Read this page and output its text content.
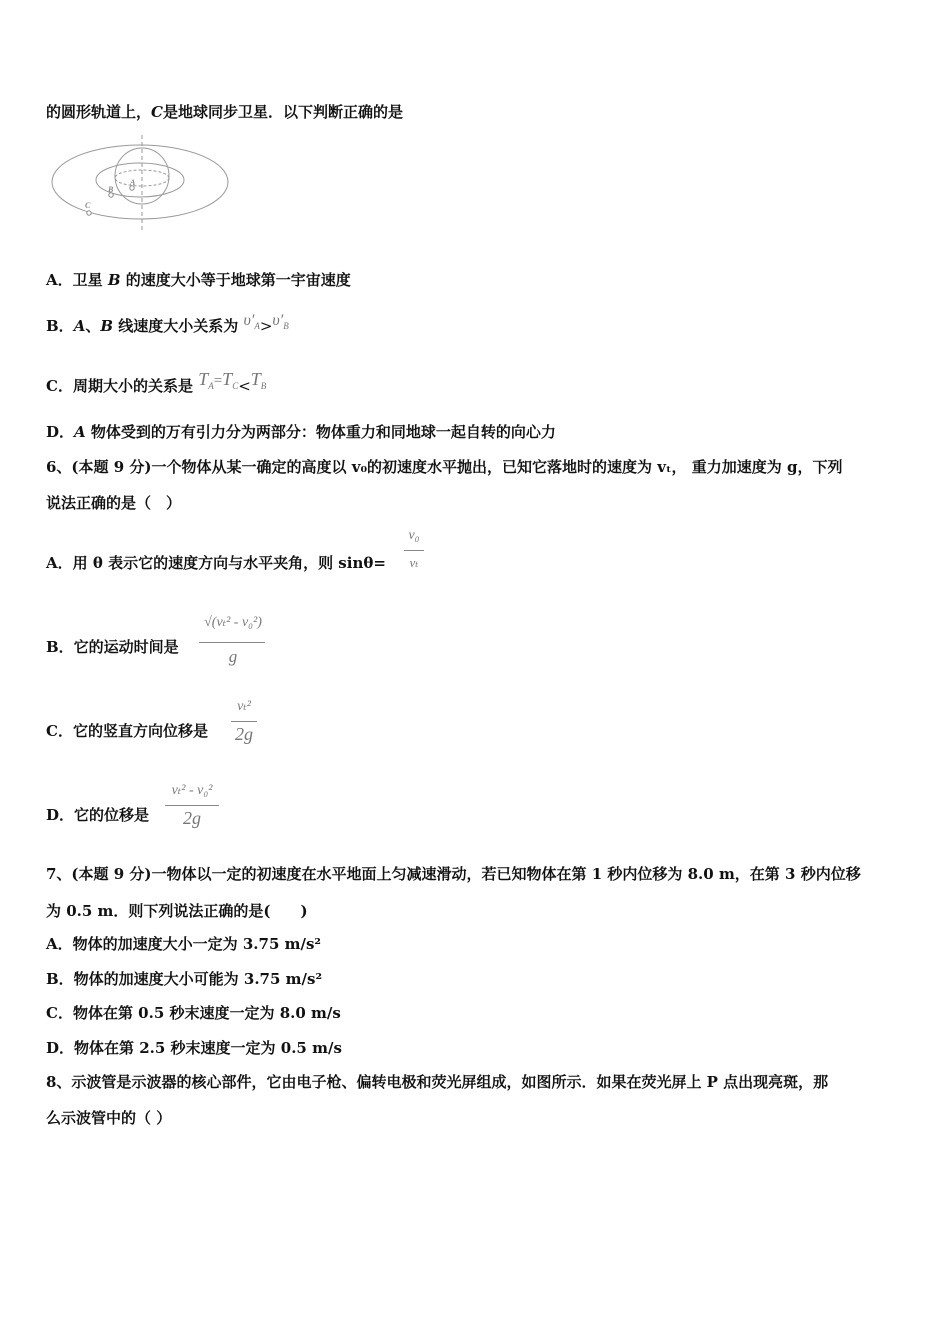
的圆形轨道上，C是地球同步卫星．以下判断正确的是
A
B
C
A．卫星 B 的速度大小等于地球第一宇宙速度
B．A、B 线速度大小关系为 $\upsilon'_A>\upsilon'_B$
C．周期大小的关系是 $T_A=T_C<T_B$
D．A 物体受到的万有引力分为两部分：物体重力和同地球一起自转的向心力
6、(本题 9 分)一个物体从某一确定的高度以 v₀的初速度水平抛出，已知它落地时的速度为 vₜ， 重力加速度为 g，下列
说法正确的是（　）
A．用 θ 表示它的速度方向与水平夹角，则 sinθ=
v₀
vₜ
B．它的运动时间是
√(vₜ² - v₀²)
g
C．它的竖直方向位移是
vₜ²
2g
D．它的位移是
vₜ² - v₀²
2g
7、(本题 9 分)一物体以一定的初速度在水平地面上匀减速滑动，若已知物体在第 1 秒内位移为 8.0 m，在第 3 秒内位移
为 0.5 m．则下列说法正确的是(　　)
A．物体的加速度大小一定为 3.75 m/s²
B．物体的加速度大小可能为 3.75 m/s²
C．物体在第 0.5 秒末速度一定为 8.0 m/s
D．物体在第 2.5 秒末速度一定为 0.5 m/s
8、示波管是示波器的核心部件，它由电子枪、偏转电极和荧光屏组成，如图所示．如果在荧光屏上 P 点出现亮斑，那
么示波管中的（ ）
